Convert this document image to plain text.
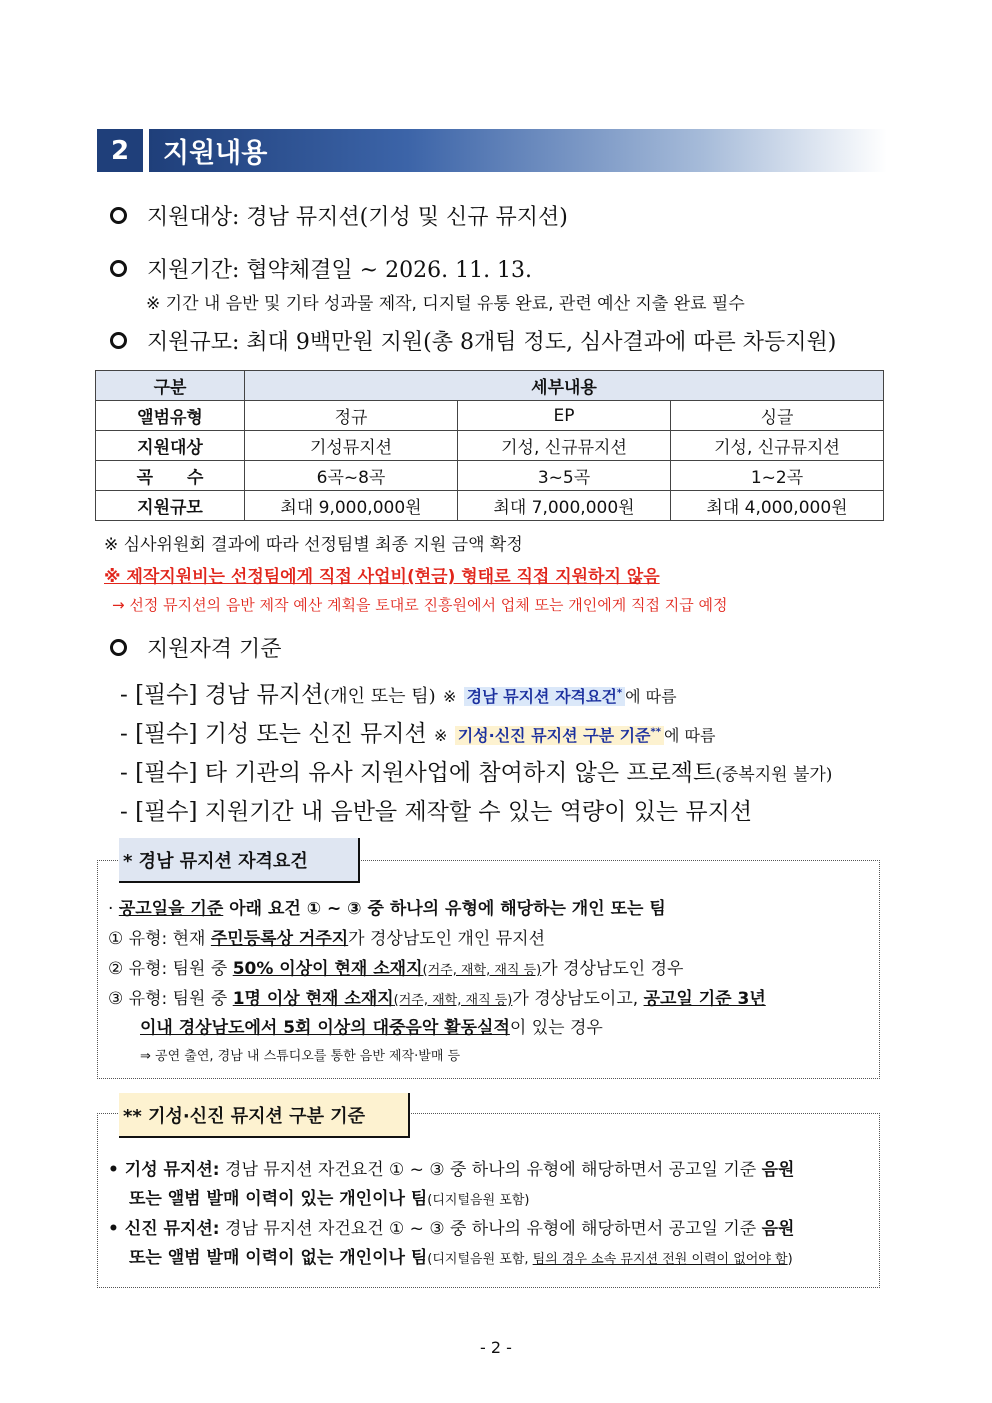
2	지원내용
지원대상:
경남 뮤지션(기성 및 신규 뮤지션)
지원기간:
협약체결일 ~ 2026. 11. 13.
※ 기간 내 음반 및 기타 성과물 제작, 디지털 유통 완료, 관련 예산 지출 완료 필수
지원규모:
최대 9백만원 지원(총 8개팀 정도, 심사결과에 따른 차등지원)
구분	세부내용		
앨범유형	정규	EP	싱글
지원대상	기성뮤지션	기성, 신규뮤지션	기성, 신규뮤지션
곡　　수	6곡~8곡	3~5곡	1~2곡
지원규모	최대 9,000,000원	최대 7,000,000원	최대 4,000,000원
※ 심사위원회 결과에 따라 선정팀별 최종 지원 금액 확정
※ 제작지원비는 선정팀에게 직접 사업비(현금) 형태로 직접 지원하지 않음
→ 선정 뮤지션의 음반 제작 예산 계획을 토대로 진흥원에서 업체 또는 개인에게 직접 지급 예정
지원자격 기준
- [필수] 경남 뮤지션(개인 또는 팀) ※ 경남 뮤지션 자격요건* 에 따름
- [필수] 기성 또는 신진 뮤지션 ※ 기성·신진 뮤지션 구분 기준** 에 따름
- [필수] 타 기관의 유사 지원사업에 참여하지 않은 프로젝트(중복지원 불가)
- [필수] 지원기간 내 음반을 제작할 수 있는 역량이 있는 뮤지션
* 경남 뮤지션 자격요건
· 공고일을 기준 아래 요건 ① ~ ③ 중 하나의 유형에 해당하는 개인 또는 팀
① 유형: 현재 주민등록상 거주지가 경상남도인 개인 뮤지션
② 유형: 팀원 중 50% 이상이 현재 소재지(거주, 재학, 재직 등)가 경상남도인 경우
③ 유형: 팀원 중 1명 이상 현재 소재지(거주, 재학, 재직 등)가 경상남도이고, 공고일 기준 3년
이내 경상남도에서 5회 이상의 대중음악 활동실적이 있는 경우
⇒ 공연 출연, 경남 내 스튜디오를 통한 음반 제작·발매 등
** 기성·신진 뮤지션 구분 기준
• 기성 뮤지션: 경남 뮤지션 자건요건 ① ~ ③ 중 하나의 유형에 해당하면서 공고일 기준 음원
또는 앨범 발매 이력이 있는 개인이나 팀(디지털음원 포함)
• 신진 뮤지션: 경남 뮤지션 자건요건 ① ~ ③ 중 하나의 유형에 해당하면서 공고일 기준 음원
또는 앨범 발매 이력이 없는 개인이나 팀(디지털음원 포함, 팀의 경우 소속 뮤지션 전원 이력이 없어야 함)
- 2 -
